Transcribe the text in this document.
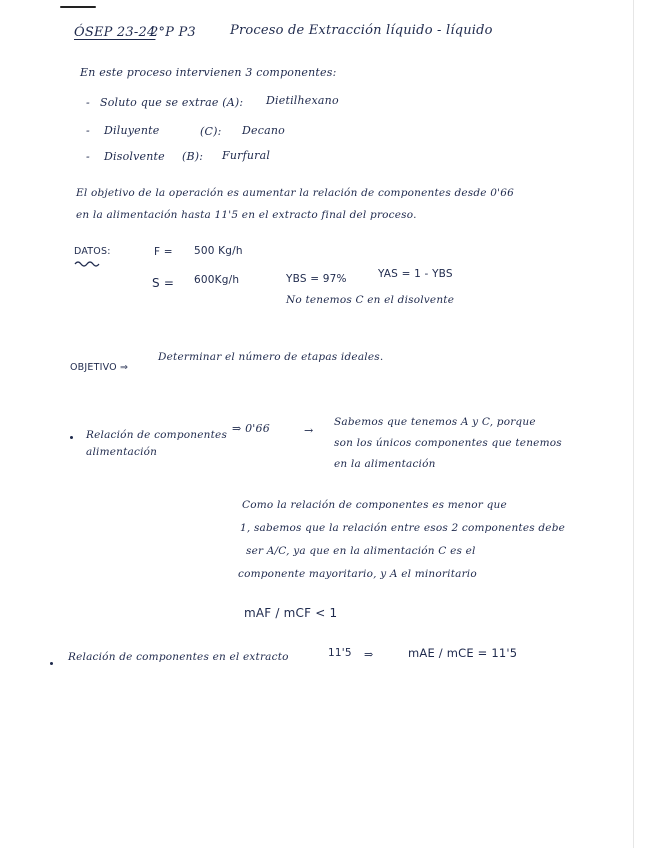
ÓSEP 23-24
2°P P3	Proceso de Extracción líquido - líquido
En este proceso intervienen 3 componentes:
- Soluto que se extrae (A): Dietilhexano
- Diluyente	(C): Decano
- Disolvente (B): Furfural
El objetivo de la operación es aumentar la relación de componentes desde 0'66
en la alimentación hasta 11'5 en el extracto final del proceso.
DATOS:	F = 500 Kg/h
S = 600Kg/h	YBS = 97%	YAS = 1 - YBS
No tenemos C en el disolvente
OBJETIVO ⇒
Determinar el número de etapas ideales.
Relación de componentes
alimentación
⇒ 0'66	→
Sabemos que tenemos A y C, porque
son los únicos componentes que tenemos
en la alimentación
Como la relación de componentes es menor que
1, sabemos que la relación entre esos 2 componentes debe
ser A/C, ya que en la alimentación C es el
componente mayoritario, y A el minoritario
mAF / mCF < 1
Relación de componentes en el extracto	11'5 ⇒	mAE / mCE = 11'5
